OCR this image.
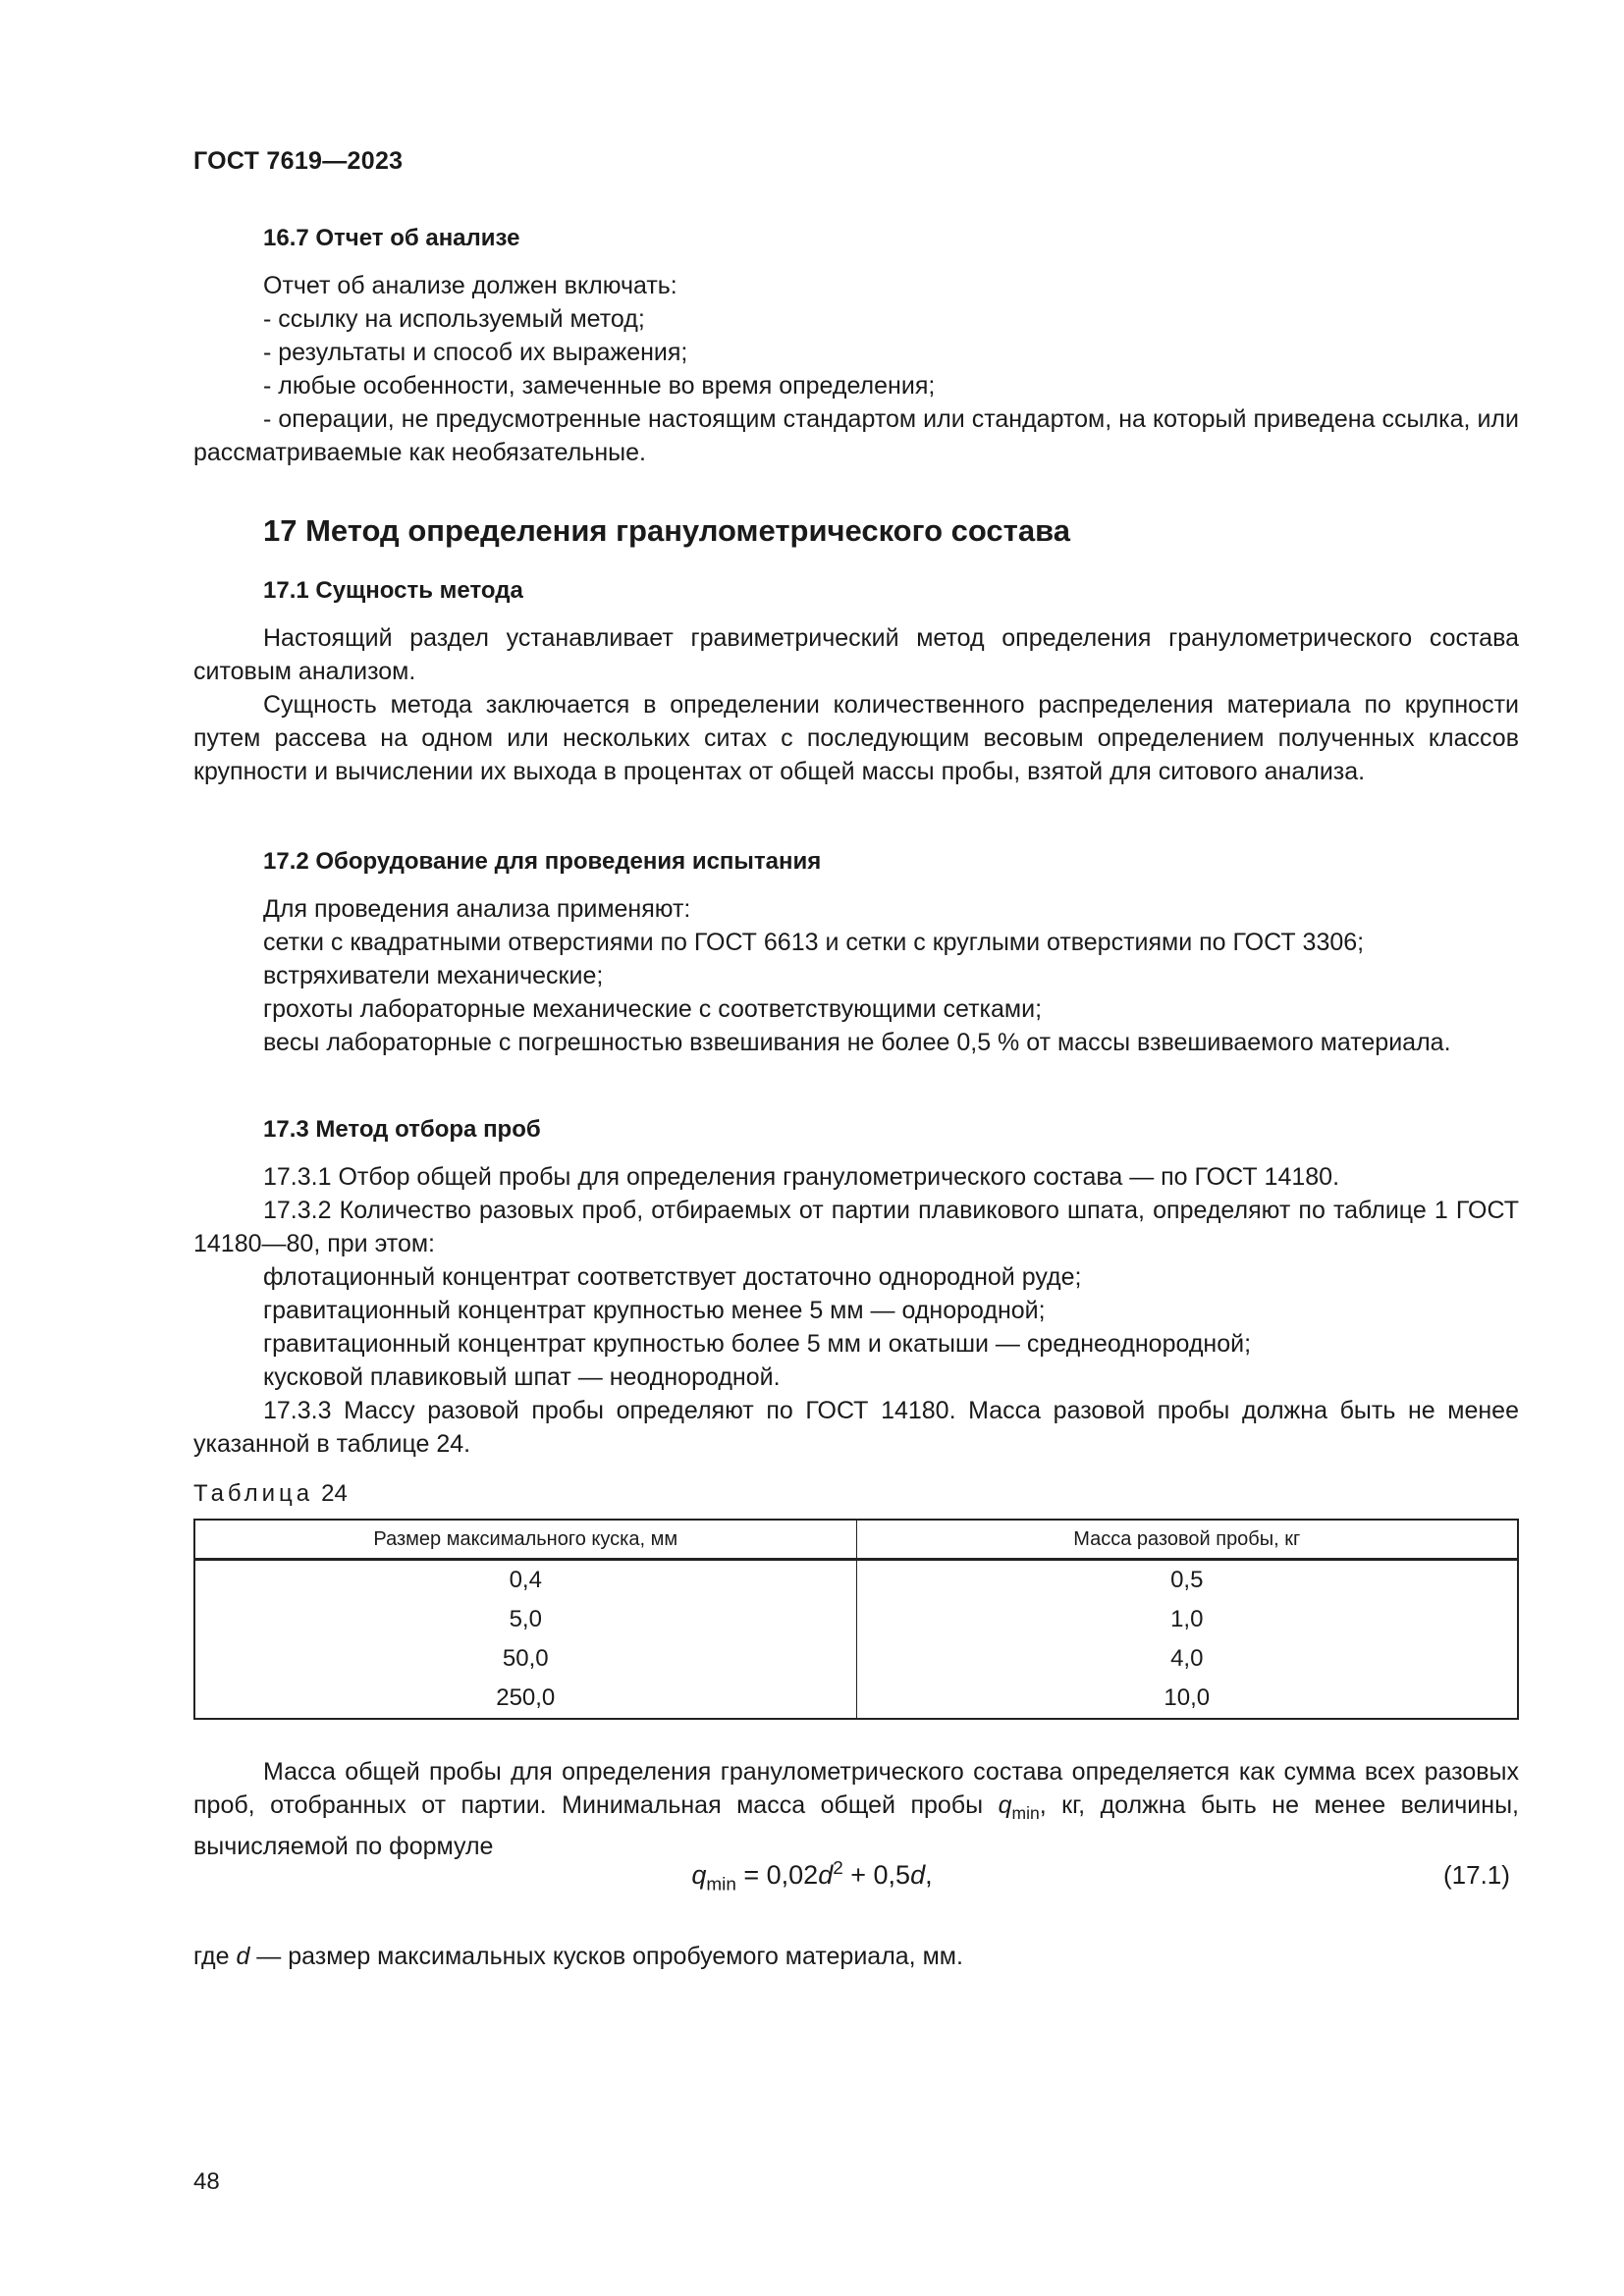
ГОСТ 7619—2023
16.7 Отчет об анализе
Отчет об анализе должен включать:
- ссылку на используемый метод;
- результаты и способ их выражения;
- любые особенности, замеченные во время определения;
- операции, не предусмотренные настоящим стандартом или стандартом, на который приведена ссылка, или рассматриваемые как необязательные.
17 Метод определения гранулометрического состава
17.1 Сущность метода
Настоящий раздел устанавливает гравиметрический метод определения гранулометрического состава ситовым анализом.
Сущность метода заключается в определении количественного распределения материала по крупности путем рассева на одном или нескольких ситах с последующим весовым определением полученных классов крупности и вычислении их выхода в процентах от общей массы пробы, взятой для ситового анализа.
17.2 Оборудование для проведения испытания
Для проведения анализа применяют:
сетки с квадратными отверстиями по ГОСТ 6613 и сетки с круглыми отверстиями по ГОСТ 3306;
встряхиватели механические;
грохоты лабораторные механические с соответствующими сетками;
весы лабораторные с погрешностью взвешивания не более 0,5 % от массы взвешиваемого материала.
17.3 Метод отбора проб
17.3.1 Отбор общей пробы для определения гранулометрического состава — по ГОСТ 14180.
17.3.2 Количество разовых проб, отбираемых от партии плавикового шпата, определяют по таблице 1 ГОСТ 14180—80, при этом:
флотационный концентрат соответствует достаточно однородной руде;
гравитационный концентрат крупностью менее 5 мм — однородной;
гравитационный концентрат крупностью более 5 мм и окатыши — среднеоднородной;
кусковой плавиковый шпат — неоднородной.
17.3.3 Массу разовой пробы определяют по ГОСТ 14180. Масса разовой пробы должна быть не менее указанной в таблице 24.
Таблица 24
Размер максимального куска, мм	Масса разовой пробы, кг
0,4	0,5
5,0	1,0
50,0	4,0
250,0	10,0
Масса общей пробы для определения гранулометрического состава определяется как сумма всех разовых проб, отобранных от партии. Минимальная масса общей пробы $q_{min}$, кг, должна быть не менее величины, вычисляемой по формуле
$q_{min} = 0,02d^2 + 0,5d$,	(17.1)
где d — размер максимальных кусков опробуемого материала, мм.
48
